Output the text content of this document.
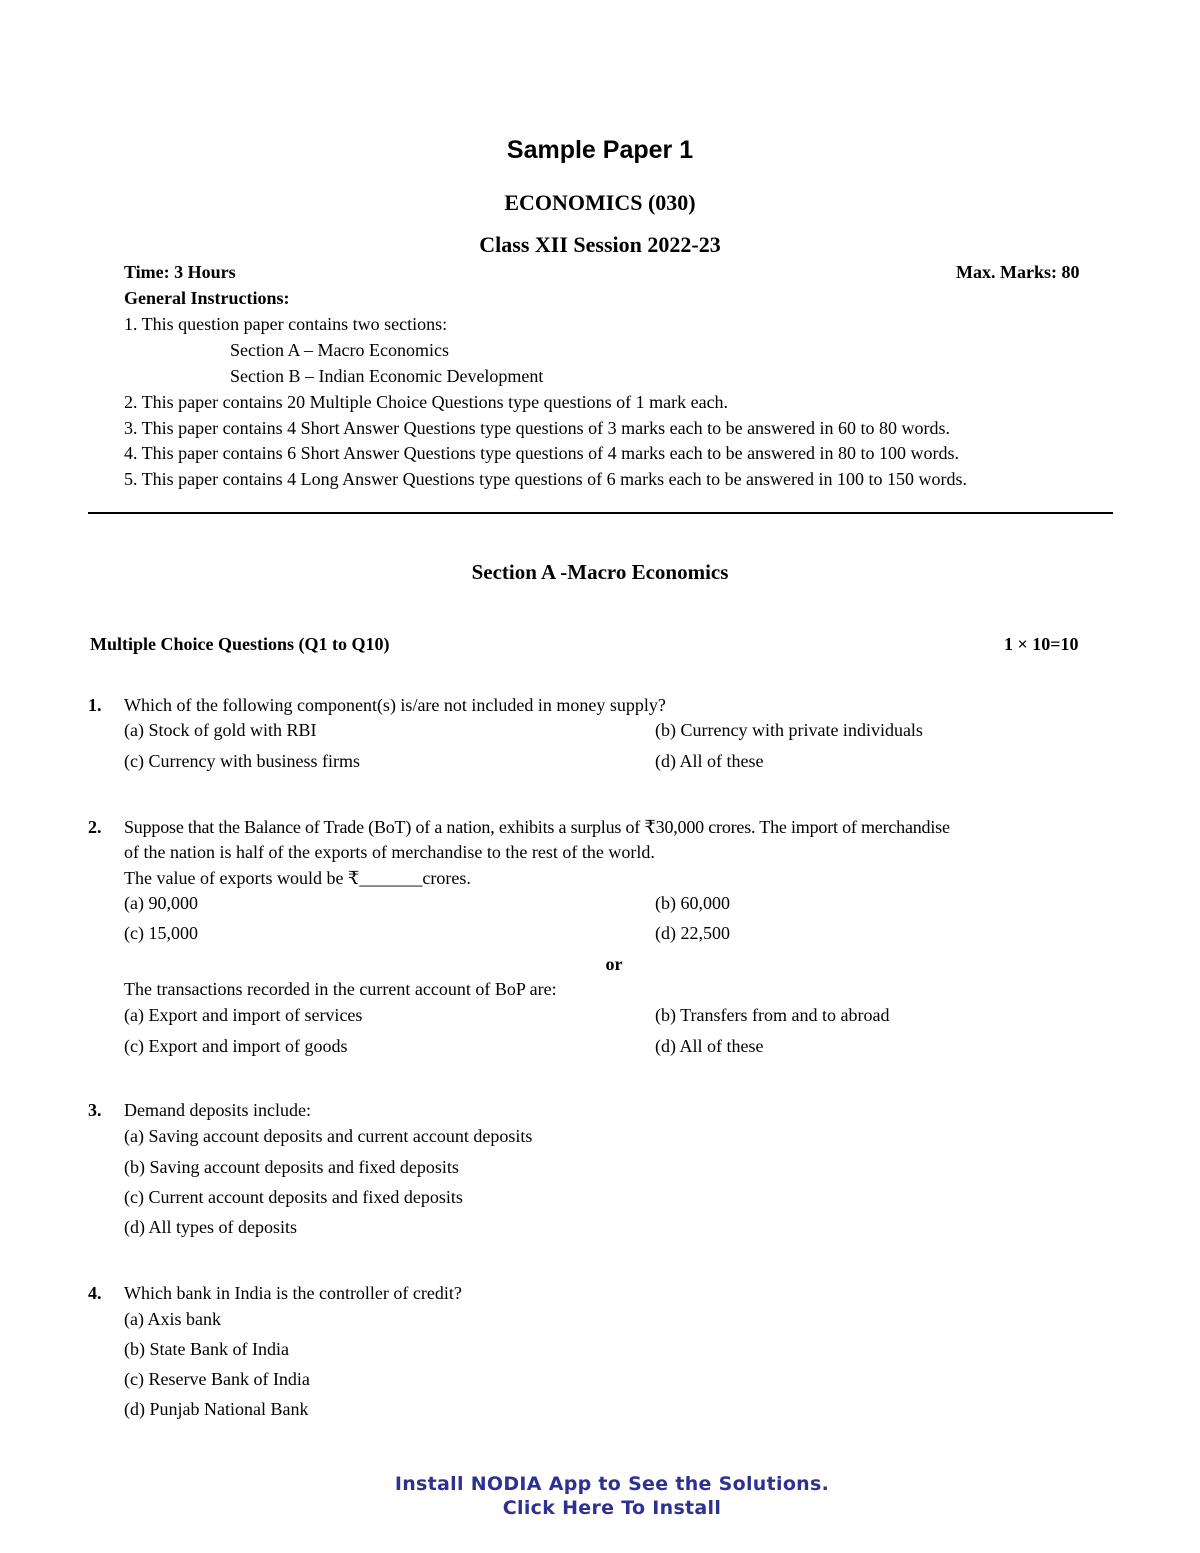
Sample Paper 1
ECONOMICS (030)
Class XII Session 2022-23
Time: 3 Hours	Max. Marks: 80
General Instructions:
1. This question paper contains two sections:
Section A – Macro Economics
Section B – Indian Economic Development
2. This paper contains 20 Multiple Choice Questions type questions of 1 mark each.
3. This paper contains 4 Short Answer Questions type questions of 3 marks each to be answered in 60 to 80 words.
4. This paper contains 6 Short Answer Questions type questions of 4 marks each to be answered in 80 to 100 words.
5. This paper contains 4 Long Answer Questions type questions of 6 marks each to be answered in 100 to 150 words.
Section A -Macro Economics
Multiple Choice Questions (Q1 to Q10)	1 × 10=10
1. Which of the following component(s) is/are not included in money supply?
(a) Stock of gold with RBI	(b) Currency with private individuals
(c) Currency with business firms	(d) All of these
2. Suppose that the Balance of Trade (BoT) of a nation, exhibits a surplus of ₹30,000 crores. The import of merchandise
of the nation is half of the exports of merchandise to the rest of the world.
The value of exports would be ₹_______crores.
(a) 90,000	(b) 60,000
(c) 15,000	(d) 22,500
or
The transactions recorded in the current account of BoP are:
(a) Export and import of services	(b) Transfers from and to abroad
(c) Export and import of goods	(d) All of these
3. Demand deposits include:
(a) Saving account deposits and current account deposits
(b) Saving account deposits and fixed deposits
(c) Current account deposits and fixed deposits
(d) All types of deposits
4. Which bank in India is the controller of credit?
(a) Axis bank
(b) State Bank of India
(c) Reserve Bank of India
(d) Punjab National Bank
Install NODIA App to See the Solutions.
Click Here To Install
